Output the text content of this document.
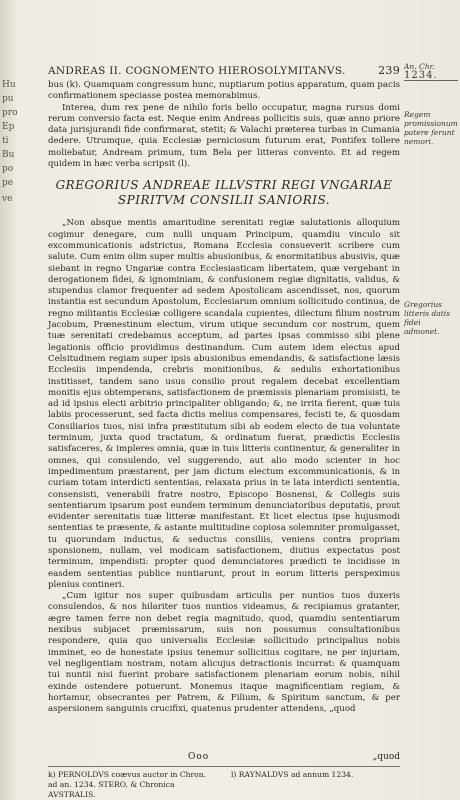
Hu
pu
pro
Ep
ti
Bu
po
pe
ve
ANDREAS II. COGNOMENTO HIEROSOLYMITANVS.	239 An. Chr.
1234.
Regem promissionum patere ferunt nemori.
Gregorius litteris datis fidei admonet.

bus (k). Quamquam congressum hunc, nuptiarum potius apparatum, quam pacis confirmationem speciasse postea memorabimus.

Interea, dum rex pene de nihilo foris bello occupatur, magna rursus domi rerum conversio facta est. Neque enim Andreas pollicitis suis, quæ anno priore data jurisjurandi fide confirmarat, stetit; & Valachi præterea turbas in Cumania dedere. Utrumque, quia Ecclesiæ perniciosum futurum erat, Pontifex tollere moliebatur, Andream primum, tum Bela per litteras convento. Et ad regem quidem in hæc verba scripsit (l).

GREGORIUS ANDREAE ILLVSTRI REGI VNGARIAE SPIRITVM CONSILII SANIORIS.

„Non absque mentis amaritudine serenitati regiæ salutationis alloquium cogimur denegare, cum nulli unquam Principum, quamdiu vinculo sit excommunicationis adstrictus, Romana Ecclesia consueverit scribere cum salute. Cum enim olim super multis abusionibus, & enormitatibus abusivis, quæ siebant in regno Ungariæ contra Ecclesiasticam libertatem, quæ vergebant in derogationem fidei, & ignominiam, & confusionem regiæ dignitatis, validus, & stupendus clamor frequenter ad sedem Apostolicam ascendisset, nos, quorum instantia est secundum Apostolum, Ecclesiarum omnium sollicitudo continua, de regno militantis Ecclesiæ colligere scandala cupientes, dilectum filium nostrum Jacobum, Prænestinum electum, virum utique secundum cor nostrum, quem tuæ serenitati credebamus acceptum, ad partes ipsas commisso sibi plene legationis officio providimus destinandum. Cum autem idem electus apud Celsitudinem regiam super ipsis abusionibus emendandis, & satisfactione læsis Ecclesiis impendenda, crebris monitionibus, & sedulis exhortationibus institisset, tandem sano usus consilio prout regalem decebat excellentiam monitis ejus obtemperans, satisfactionem de præmissis plenariam promisisti, te ad id ipsius electi arbitrio principaliter obligando; &, ne irrita fierent, quæ tuis labiis processerunt, sed facta dictis melius compensares, fecisti te, & quosdam Consiliarios tuos, nisi infra præstitutum sibi ab eodem electo de tua voluntate terminum, juxta quod tractatum, & ordinatum fuerat, prædictis Ecclesiis satisfaceres, & impleres omnia, quæ in tuis litteris continentur, & generaliter in omnes, qui consulendo, vel suggerendo, aut alio modo scienter in hoc impedimentum præstarent, per jam dictum electum excommunicationis, & in curiam totam interdicti sententias, relaxata prius in te lata interdicti sententia, consensisti, venerabili fratre nostro, Episcopo Bosnensi, & Collegis suis sententiarum ipsarum post eundem terminum denunciatoribus deputatis, prout evidenter serenitatis tuæ litteræ manifestant. Et licet electus ipse hujusmodi sententias te præsente, & astante multitudine copiosa solemniter promulgasset, tu quorundam inductus, & seductus consiliis, veniens contra propriam sponsionem, nullam, vel modicam satisfactionem, diutius expectatus post terminum, impendisti: propter quod denunciatores prædicti te incidisse in easdem sententias publice nuntiarunt, prout in eorum litteris perspeximus plenius contineri.

„Cum igitur nos super quibusdam articulis per nuntios tuos duxeris consulendos, & nos hilariter tuos nuntios videamus, & recipiamus gratanter, ægre tamen ferre non debet regia magnitudo, quod, quamdiu sententiarum nexibus subjacet præmissarum, suis non possumus consultationibus respondere, quia quo universalis Ecclesiæ sollicitudo principalius nobis imminet, eo de honestate ipsius tenemur sollicitius cogitare, ne per injuriam, vel negligentiam nostram, notam alicujus detractionis incurrat: & quamquam tui nuntii nisi fuerint probare satisfactionem plenariam eorum nobis, nihil exinde ostendere potuerunt. Monemus itaque magnificentiam regiam, & hortamur, obsecrantes per Patrem, & Filium, & Spiritum sanctum, & per aspersionem sanguinis crucifixi, quatenus prudenter attendens, „quod

Ooo	„quod
k) PERNOLDVS coævus auctor in Chron. ad an. 1234. STERO, & Chronica AVSTRALIS.
l) RAYNALDVS ad annum 1234.
